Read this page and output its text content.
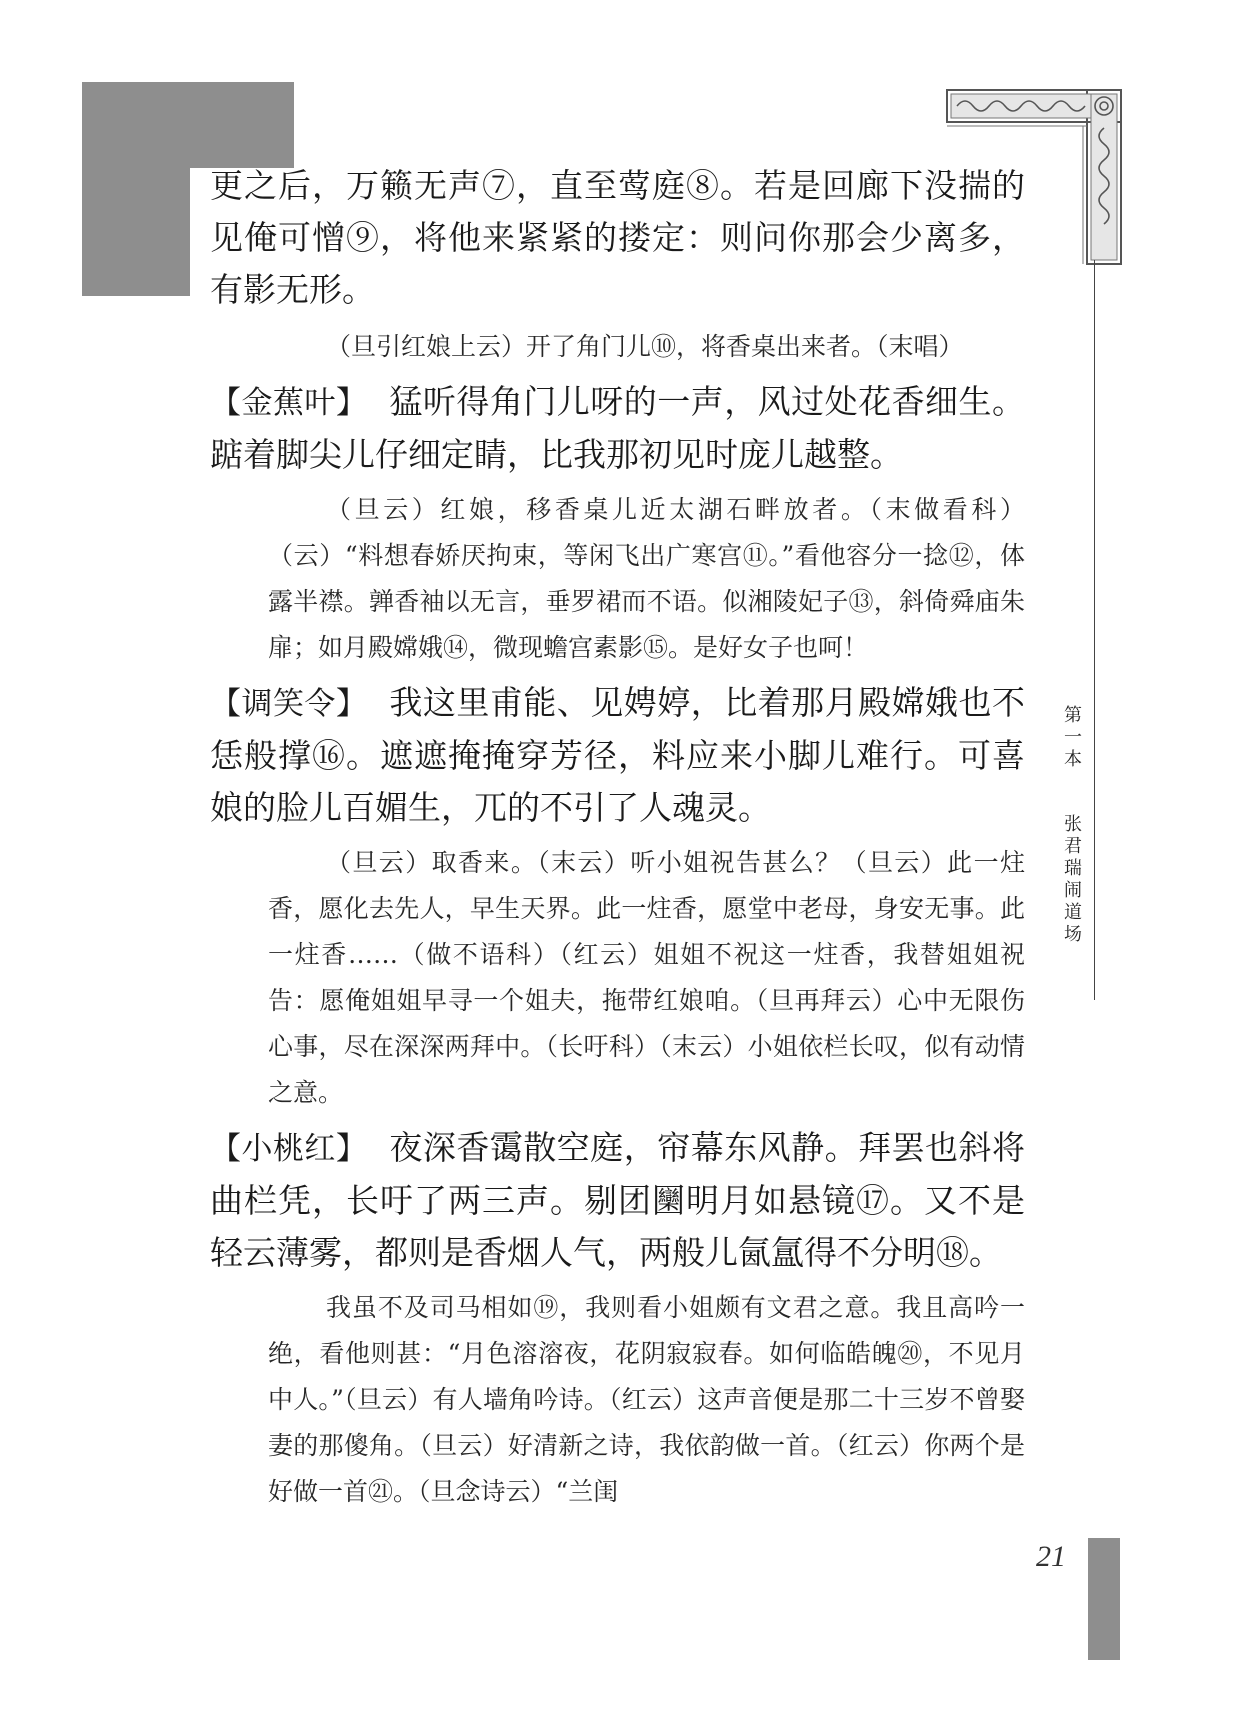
第一本 张君瑞闹道场

更之后，万籁无声⑦，直至莺庭⑧。若是回廊下没揣的见俺可憎⑨，将他来紧紧的搂定：则问你那会少离多，有影无形。

（旦引红娘上云）开了角门儿⑩，将香桌出来者。（末唱）

【金蕉叶】 猛听得角门儿呀的一声，风过处花香细生。踮着脚尖儿仔细定睛，比我那初见时庞儿越整。

（旦云）红娘，移香桌儿近太湖石畔放者。（末做看科）（云）“料想春娇厌拘束，等闲飞出广寒宫⑪。”看他容分一捻⑫，体露半襟。亸香袖以无言，垂罗裙而不语。似湘陵妃子⑬，斜倚舜庙朱扉；如月殿嫦娥⑭，微现蟾宫素影⑮。是好女子也呵！

【调笑令】 我这里甫能、见娉婷，比着那月殿嫦娥也不恁般撑⑯。遮遮掩掩穿芳径，料应来小脚儿难行。可喜娘的脸儿百媚生，兀的不引了人魂灵。

（旦云）取香来。（末云）听小姐祝告甚么？（旦云）此一炷香，愿化去先人，早生天界。此一炷香，愿堂中老母，身安无事。此一炷香……（做不语科）（红云）姐姐不祝这一炷香，我替姐姐祝告：愿俺姐姐早寻一个姐夫，拖带红娘咱。（旦再拜云）心中无限伤心事，尽在深深两拜中。（长吁科）（末云）小姐依栏长叹，似有动情之意。

【小桃红】 夜深香霭散空庭，帘幕东风静。拜罢也斜将曲栏凭，长吁了两三声。剔团圞明月如悬镜⑰。又不是轻云薄雾，都则是香烟人气，两般儿氤氲得不分明⑱。

我虽不及司马相如⑲，我则看小姐颇有文君之意。我且高吟一绝，看他则甚：“月色溶溶夜，花阴寂寂春。如何临皓魄⑳，不见月中人。”（旦云）有人墙角吟诗。（红云）这声音便是那二十三岁不曾娶妻的那傻角。（旦云）好清新之诗，我依韵做一首。（红云）你两个是好做一首㉑。（旦念诗云）“兰闺

21
